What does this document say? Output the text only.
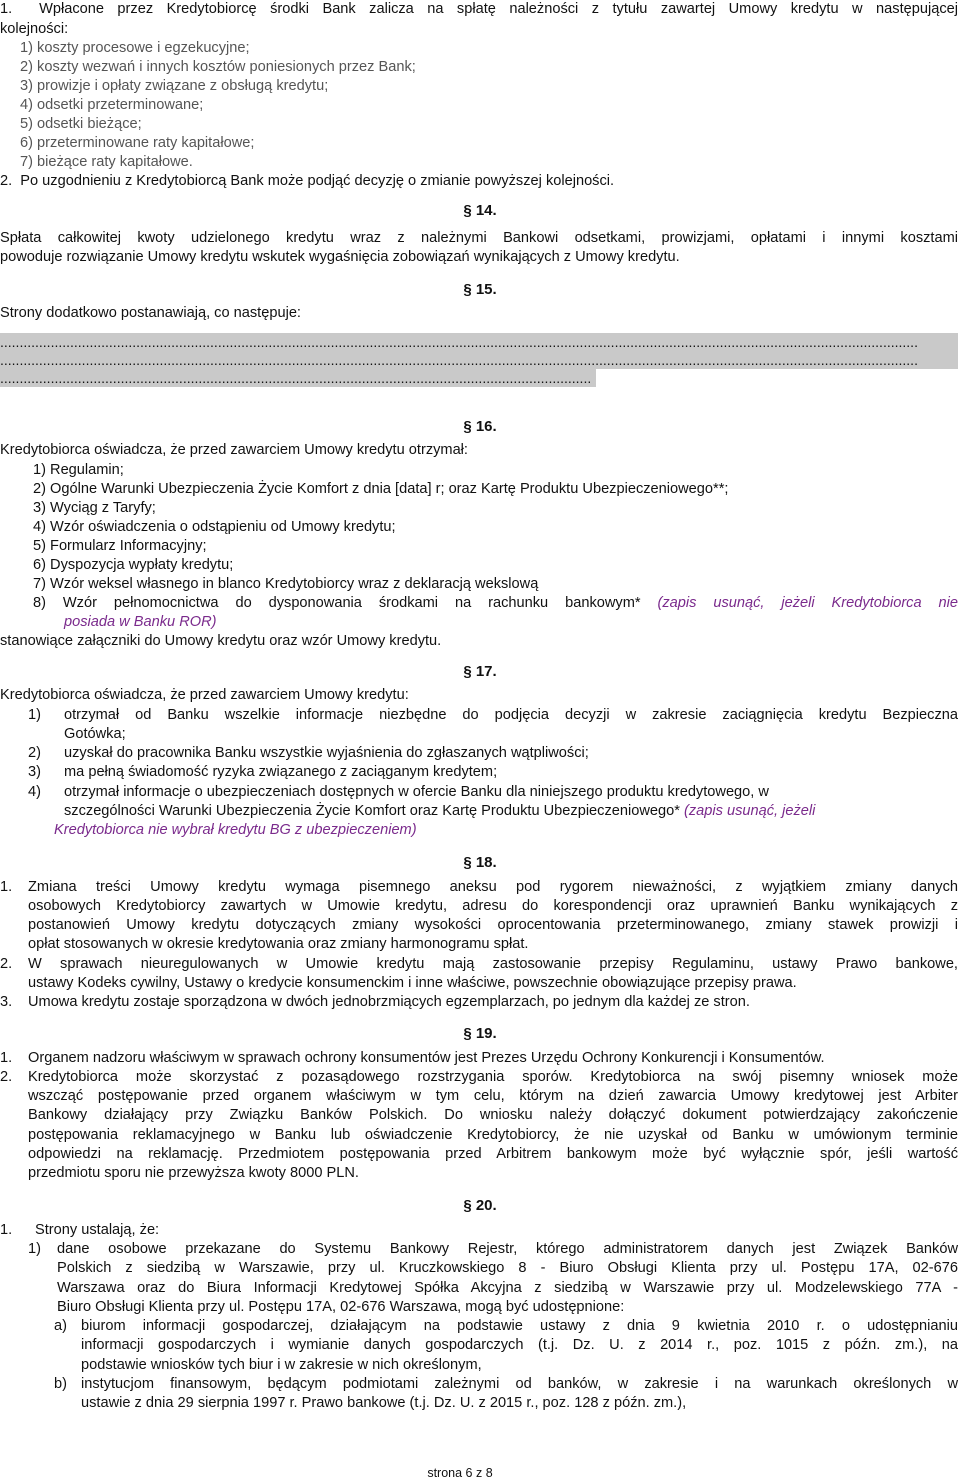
1.  Wpłacone przez Kredytobiorcę środki Bank zalicza na spłatę należności z tytułu zawartej Umowy kredytu w następującej
kolejności:
1) koszty procesowe i egzekucyjne;
2) koszty wezwań i innych kosztów poniesionych przez Bank;
3) prowizje i opłaty związane z obsługą kredytu;
4) odsetki przeterminowane;
5) odsetki bieżące;
6) przeterminowane raty kapitałowe;
7) bieżące raty kapitałowe.
2.  Po uzgodnieniu z Kredytobiorcą Bank może podjąć decyzję o zmianie powyższej kolejności.
§ 14.
Spłata całkowitej kwoty udzielonego kredytu wraz z należnymi Bankowi odsetkami, prowizjami, opłatami i innymi kosztami
powoduje rozwiązanie Umowy kredytu wskutek wygaśnięcia zobowiązań wynikających z Umowy kredytu.
§ 15.
Strony dodatkowo postanawiają, co następuje:
............................................................................................................................................................................................................................................
............................................................................................................................................................................................................................................
........................................................................................................................................................
§ 16.
Kredytobiorca oświadcza, że przed zawarciem Umowy kredytu otrzymał:
1) Regulamin;
2) Ogólne Warunki Ubezpieczenia Życie Komfort z dnia [data] r; oraz Kartę Produktu Ubezpieczeniowego**;
3) Wyciąg z Taryfy;
4) Wzór oświadczenia o odstąpieniu od Umowy kredytu;
5) Formularz Informacyjny;
6) Dyspozycja wypłaty kredytu;
7) Wzór weksel własnego in blanco Kredytobiorcy wraz z deklaracją wekslową
8) Wzór pełnomocnictwa do dysponowania środkami na rachunku bankowym* (zapis usunąć, jeżeli Kredytobiorca nie
posiada w Banku ROR)
stanowiące załączniki do Umowy kredytu oraz wzór Umowy kredytu.
§ 17.
Kredytobiorca oświadcza, że przed zawarciem Umowy kredytu:
1) otrzymał od Banku wszelkie informacje niezbędne do podjęcia decyzji w zakresie zaciągnięcia kredytu Bezpieczna
Gotówka;
2) uzyskał do pracownika Banku wszystkie wyjaśnienia do zgłaszanych wątpliwości;
3) ma pełną świadomość ryzyka związanego z zaciąganym kredytem;
4) otrzymał informacje o ubezpieczeniach dostępnych w ofercie Banku dla niniejszego produktu kredytowego, w
szczególności Warunki Ubezpieczenia Życie Komfort oraz Kartę Produktu Ubezpieczeniowego* (zapis usunąć, jeżeli
Kredytobiorca nie wybrał kredytu BG z ubezpieczeniem)
§ 18.
1. Zmiana treści Umowy kredytu wymaga pisemnego aneksu pod rygorem nieważności, z wyjątkiem zmiany danych
osobowych Kredytobiorcy zawartych w Umowie kredytu, adresu do korespondencji oraz uprawnień Banku wynikających z
postanowień Umowy kredytu dotyczących zmiany wysokości oprocentowania przeterminowanego, zmiany stawek prowizji i
opłat stosowanych w okresie kredytowania oraz zmiany harmonogramu spłat.
2. W sprawach nieuregulowanych w Umowie kredytu mają zastosowanie przepisy Regulaminu, ustawy Prawo bankowe,
ustawy Kodeks cywilny, Ustawy o kredycie konsumenckim i inne właściwe, powszechnie obowiązujące przepisy prawa.
3. Umowa kredytu zostaje sporządzona w dwóch jednobrzmiących egzemplarzach, po jednym dla każdej ze stron.
§ 19.
1. Organem nadzoru właściwym w sprawach ochrony konsumentów jest Prezes Urzędu Ochrony Konkurencji i Konsumentów.
2. Kredytobiorca może skorzystać z pozasądowego rozstrzygania sporów. Kredytobiorca na swój pisemny wniosek może
wszcząć postępowanie przed organem właściwym w tym celu, którym na dzień zawarcia Umowy kredytowej jest Arbiter
Bankowy działający przy Związku Banków Polskich. Do wniosku należy dołączyć dokument potwierdzający zakończenie
postępowania reklamacyjnego w Banku lub oświadczenie Kredytobiorcy, że nie uzyskał od Banku w umówionym terminie
odpowiedzi na reklamację. Przedmiotem postępowania przed Arbitrem bankowym może być wyłącznie spór, jeśli wartość
przedmiotu sporu nie przewyższa kwoty 8000 PLN.
§ 20.
1. Strony ustalają, że:
1) dane osobowe przekazane do Systemu Bankowy Rejestr, którego administratorem danych jest Związek Banków
Polskich z siedzibą w Warszawie, przy ul. Kruczkowskiego 8 - Biuro Obsługi Klienta przy ul. Postępu 17A, 02-676
Warszawa oraz do Biura Informacji Kredytowej Spółka Akcyjna z siedzibą w Warszawie przy ul. Modzelewskiego 77A -
Biuro Obsługi Klienta przy ul. Postępu 17A, 02-676 Warszawa, mogą być udostępnione:
a) biurom informacji gospodarczej, działającym na podstawie ustawy z dnia 9 kwietnia 2010 r. o udostępnianiu
informacji gospodarczych i wymianie danych gospodarczych (t.j. Dz. U. z 2014 r., poz. 1015 z późn. zm.), na
podstawie wniosków tych biur i w zakresie w nich określonym,
b) instytucjom finansowym, będącym podmiotami zależnymi od banków, w zakresie i na warunkach określonych w
ustawie z dnia 29 sierpnia 1997 r. Prawo bankowe (t.j. Dz. U. z 2015 r., poz. 128 z późn. zm.),
strona 6 z 8
